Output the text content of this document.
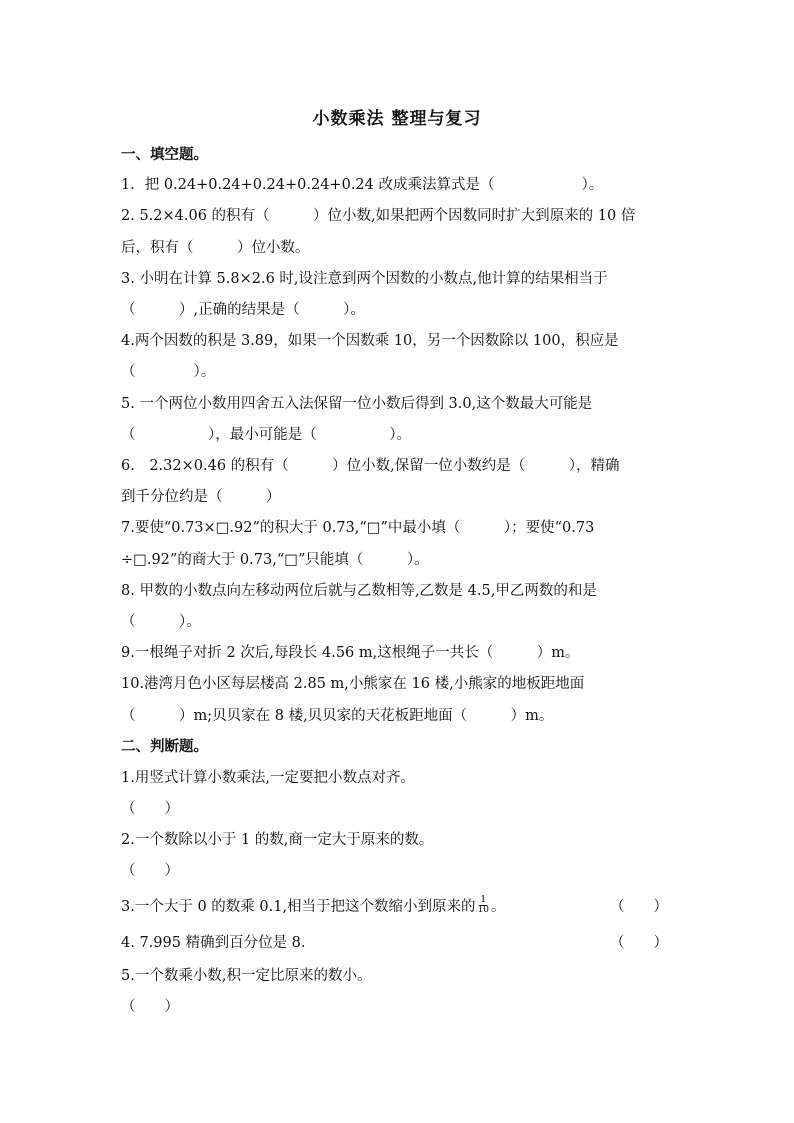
小数乘法 整理与复习
一、填空题。
1．把 0.24+0.24+0.24+0.24+0.24 改成乘法算式是（　　　　　　）。
2. 5.2×4.06 的积有（　　　）位小数,如果把两个因数同时扩大到原来的 10 倍
后，积有（　　　）位小数。
3. 小明在计算 5.8×2.6 时,设注意到两个因数的小数点,他计算的结果相当于
（　　　）,正确的结果是（　　　）。
4.两个因数的积是 3.89，如果一个因数乘 10，另一个因数除以 100，积应是
（　　　　）。
5. 一个两位小数用四舍五入法保留一位小数后得到 3.0,这个数最大可能是
（　　　　　），最小可能是（　　　　　）。
6.　2.32×0.46 的积有（　　　）位小数,保留一位小数约是（　　　），精确
到千分位约是（　　　）
7.要使“0.73×□.92”的积大于 0.73,“□”中最小填（　　　）；要使“0.73
÷□.92”的商大于 0.73,“□”只能填（　　　）。
8. 甲数的小数点向左移动两位后就与乙数相等,乙数是 4.5,甲乙两数的和是
（　　　）。
9.一根绳子对折 2 次后,每段长 4.56 m,这根绳子一共长（　　　）m。
10.港湾月色小区每层楼高 2.85 m,小熊家在 16 楼,小熊家的地板距地面
（　　　）m;贝贝家在 8 楼,贝贝家的天花板距地面（　　　）m。
二、判断题。
1.用竖式计算小数乘法,一定要把小数点对齐。
（　　）
2.一个数除以小于 1 的数,商一定大于原来的数。
（　　）
3.一个大于 0 的数乘 0.1,相当于把这个数缩小到原来的 $\frac{1}{10}$ 。	（　　）
4. 7.995 精确到百分位是 8.	（　　）
5.一个数乘小数,积一定比原来的数小。
（　　）
